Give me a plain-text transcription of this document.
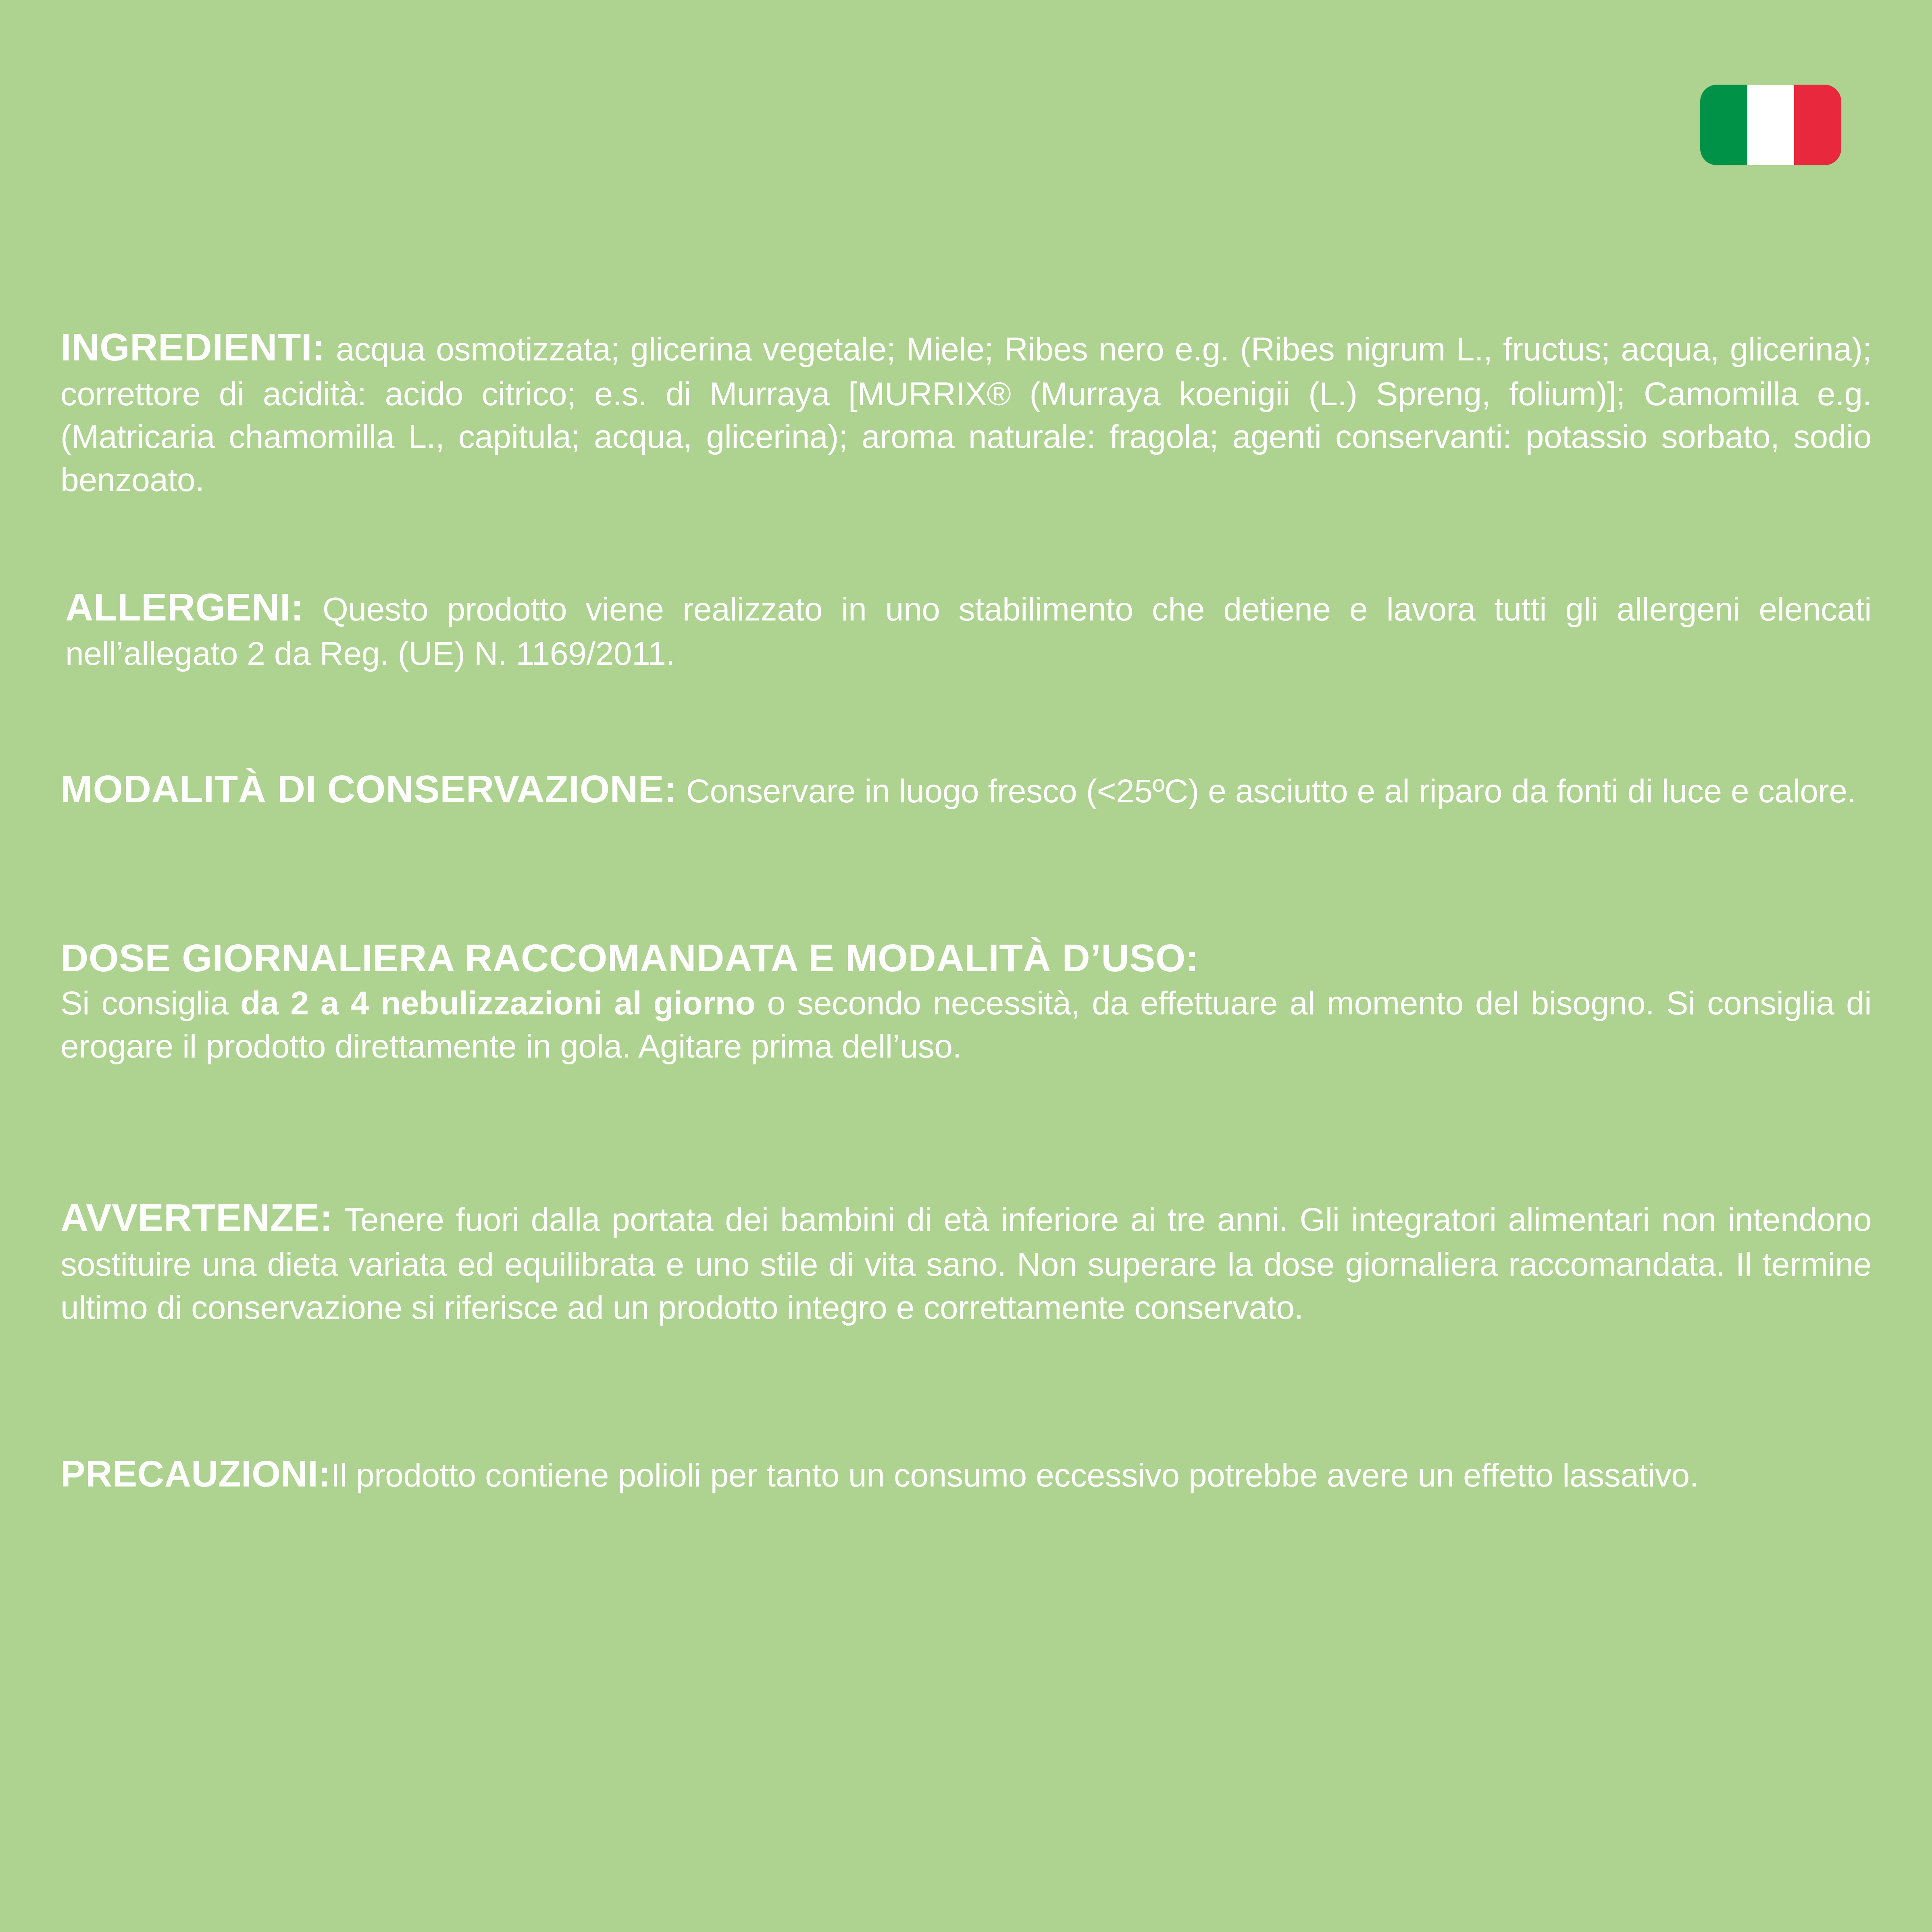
INGREDIENTI: acqua osmotizzata; glicerina vegetale; Miele; Ribes nero e.g. (Ribes nigrum L., fructus; acqua, glicerina); correttore di acidità: acido citrico; e.s. di Murraya [MURRIX® (Murraya koenigii (L.) Spreng, folium)]; Camomilla e.g. (Matricaria chamomilla L., capitula; acqua, glicerina); aroma naturale: fragola; agenti conservanti: potassio sorbato, sodio benzoato.

ALLERGENI: Questo prodotto viene realizzato in uno stabilimento che detiene e lavora tutti gli allergeni elencati nell’allegato 2 da Reg. (UE) N. 1169/2011.

MODALITÀ DI CONSERVAZIONE: Conservare in luogo fresco (<25ºC) e asciutto e al riparo da fonti di luce e calore.

DOSE GIORNALIERA RACCOMANDATA E MODALITÀ D’USO:

Si consiglia da 2 a 4 nebulizzazioni al giorno o secondo necessità, da effettuare al momento del bisogno. Si consiglia di erogare il prodotto direttamente in gola. Agitare prima dell’uso.

AVVERTENZE: Tenere fuori dalla portata dei bambini di età inferiore ai tre anni. Gli integratori alimentari non intendono sostituire una dieta variata ed equilibrata e uno stile di vita sano. Non superare la dose giornaliera raccomandata. Il termine ultimo di conservazione si riferisce ad un prodotto integro e correttamente conservato.

PRECAUZIONI:Il prodotto contiene polioli per tanto un consumo eccessivo potrebbe avere un effetto lassativo.
